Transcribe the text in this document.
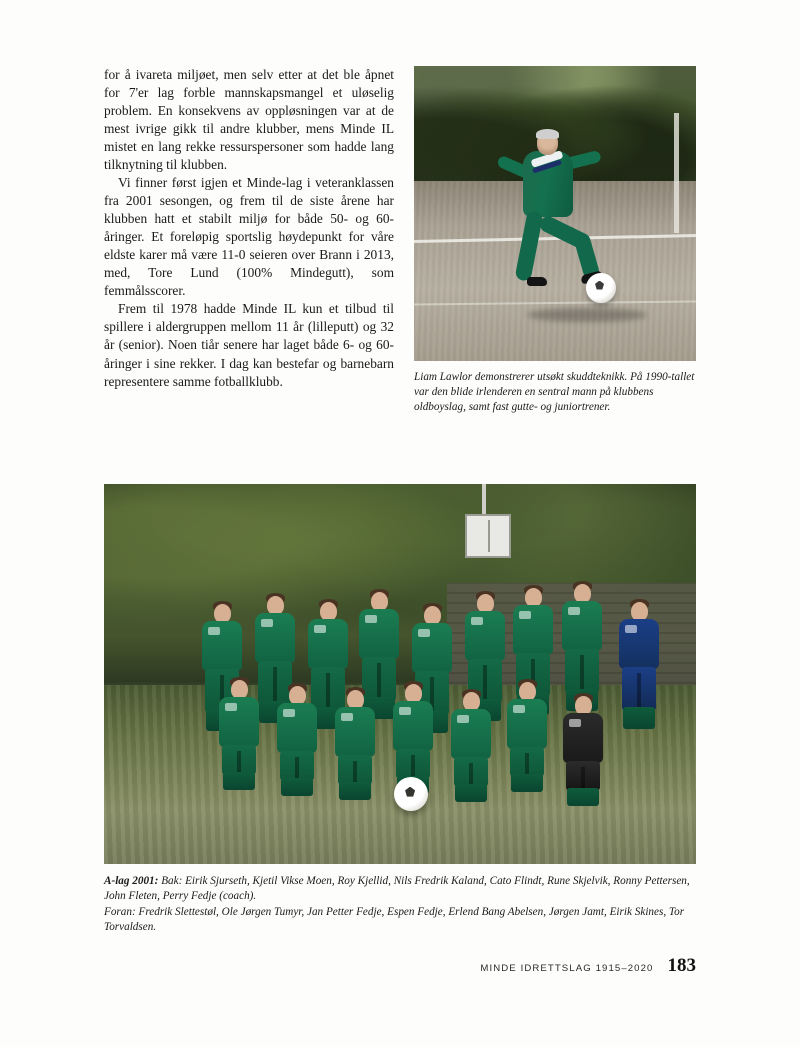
for å ivareta miljøet, men selv etter at det ble åpnet for 7'er lag forble mannskapsmangel et uløselig problem. En konsekvens av oppløsningen var at de mest ivrige gikk til andre klubber, mens Minde IL mistet en lang rekke ressurspersoner som hadde lang tilknytning til klubben.

Vi finner først igjen et Minde-lag i veteranklassen fra 2001 sesongen, og frem til de siste årene har klubben hatt et stabilt miljø for både 50- og 60-åringer. Et foreløpig sportslig høydepunkt for våre eldste karer må være 11-0 seieren over Brann i 2013, med, Tore Lund (100% Mindegutt), som femmålsscorer.

Frem til 1978 hadde Minde IL kun et tilbud til spillere i aldergruppen mellom 11 år (lilleputt) og 32 år (senior). Noen tiår senere har laget både 6- og 60-åringer i sine rekker. I dag kan bestefar og barnebarn representere samme fotballklubb.	Liam Lawlor demonstrerer utsøkt skuddteknikk. På 1990-tallet var den blide irlenderen en sentral mann på klubbens oldboyslag, samt fast gutte- og juniortrener.
A-lag 2001: Bak: Eirik Sjurseth, Kjetil Vikse Moen, Roy Kjellid, Nils Fredrik Kaland, Cato Flindt, Rune Skjelvik, Ronny Pettersen, John Fleten, Perry Fedje (coach).
Foran: Fredrik Slettestøl, Ole Jørgen Tumyr, Jan Petter Fedje, Espen Fedje, Erlend Bang Abelsen, Jørgen Jamt, Eirik Skines, Tor Torvaldsen.
MINDE IDRETTSLAG 1915–2020 183
